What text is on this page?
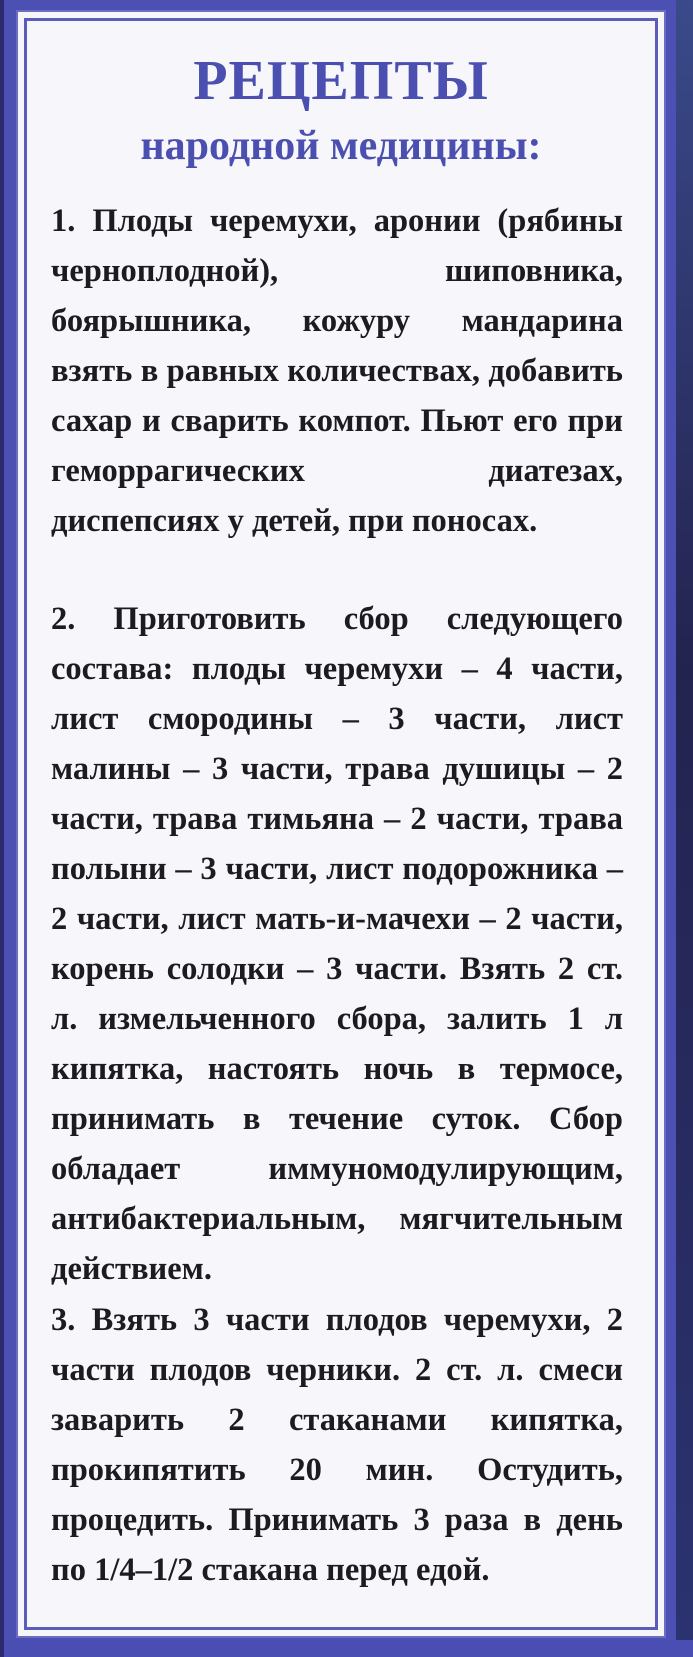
РЕЦЕПТЫ
народной медицины:

1. Плоды черемухи, аронии (рябины черноплодной), шиповника, боярышника, кожуру мандарина взять в равных количествах, добавить сахар и сварить компот. Пьют его при геморрагических диатезах, диспепсиях у детей, при поносах.

2. Приготовить сбор следующего состава: плоды черемухи – 4 части, лист смородины – 3 части, лист малины – 3 части, трава душицы – 2 части, трава тимьяна – 2 части, трава полыни – 3 части, лист подорожника – 2 части, лист мать-и-мачехи – 2 части, корень солодки – 3 части. Взять 2 ст. л. измельченного сбора, залить 1 л кипятка, настоять ночь в термосе, принимать в течение суток. Сбор обладает иммуномодулирующим, антибактериальным, мягчительным действием.

3. Взять 3 части плодов черемухи, 2 части плодов черники. 2 ст. л. смеси заварить 2 стаканами кипятка, прокипятить 20 мин. Остудить, процедить. Принимать 3 раза в день по 1/4–1/2 стакана перед едой.
